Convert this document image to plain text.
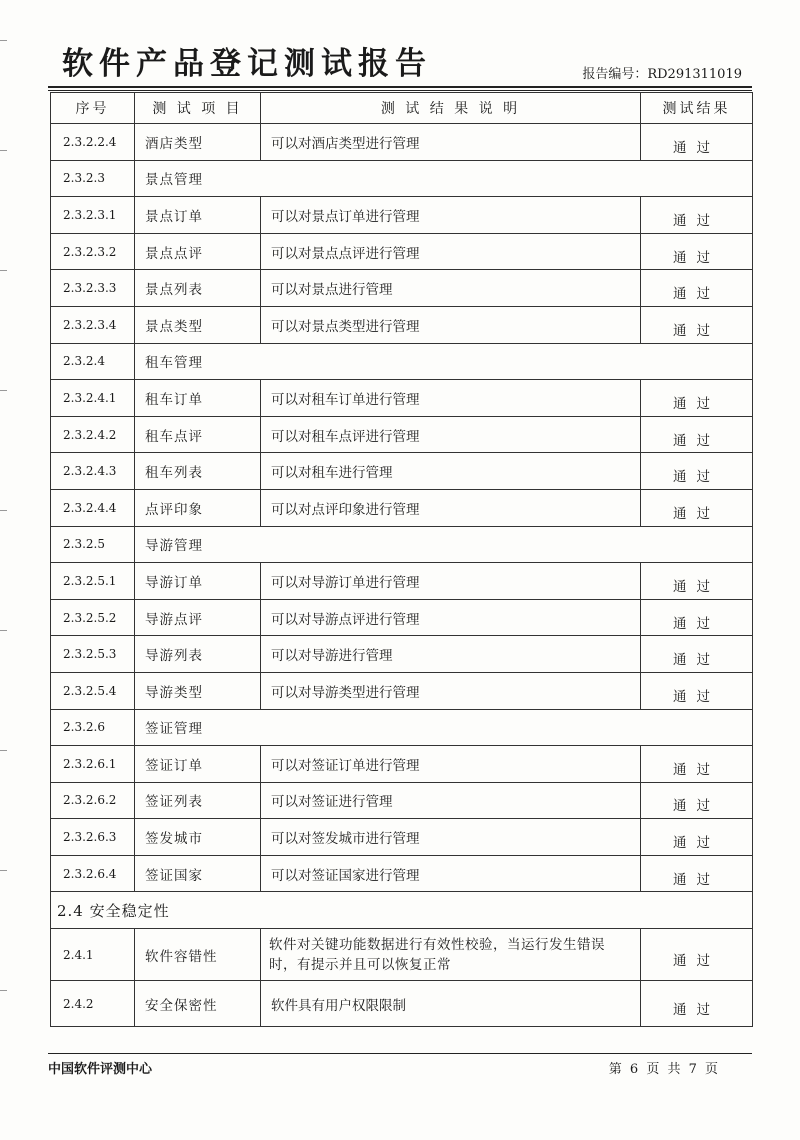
软件产品登记测试报告	报告编号：RD291311019
序号	测 试 项 目	测 试 结 果 说 明	测试结果
2.3.2.2.4	酒店类型	可以对酒店类型进行管理	通过
2.3.2.3	景点管理		
2.3.2.3.1	景点订单	可以对景点订单进行管理	通过
2.3.2.3.2	景点点评	可以对景点点评进行管理	通过
2.3.2.3.3	景点列表	可以对景点进行管理	通过
2.3.2.3.4	景点类型	可以对景点类型进行管理	通过
2.3.2.4	租车管理		
2.3.2.4.1	租车订单	可以对租车订单进行管理	通过
2.3.2.4.2	租车点评	可以对租车点评进行管理	通过
2.3.2.4.3	租车列表	可以对租车进行管理	通过
2.3.2.4.4	点评印象	可以对点评印象进行管理	通过
2.3.2.5	导游管理		
2.3.2.5.1	导游订单	可以对导游订单进行管理	通过
2.3.2.5.2	导游点评	可以对导游点评进行管理	通过
2.3.2.5.3	导游列表	可以对导游进行管理	通过
2.3.2.5.4	导游类型	可以对导游类型进行管理	通过
2.3.2.6	签证管理		
2.3.2.6.1	签证订单	可以对签证订单进行管理	通过
2.3.2.6.2	签证列表	可以对签证进行管理	通过
2.3.2.6.3	签发城市	可以对签发城市进行管理	通过
2.3.2.6.4	签证国家	可以对签证国家进行管理	通过
2.4 安全稳定性			
2.4.1	软件容错性	软件对关键功能数据进行有效性校验，当运行发生错误时，有提示并且可以恢复正常	通过
2.4.2	安全保密性	软件具有用户权限限制	通过
中国软件评测中心	第 6 页 共 7 页
